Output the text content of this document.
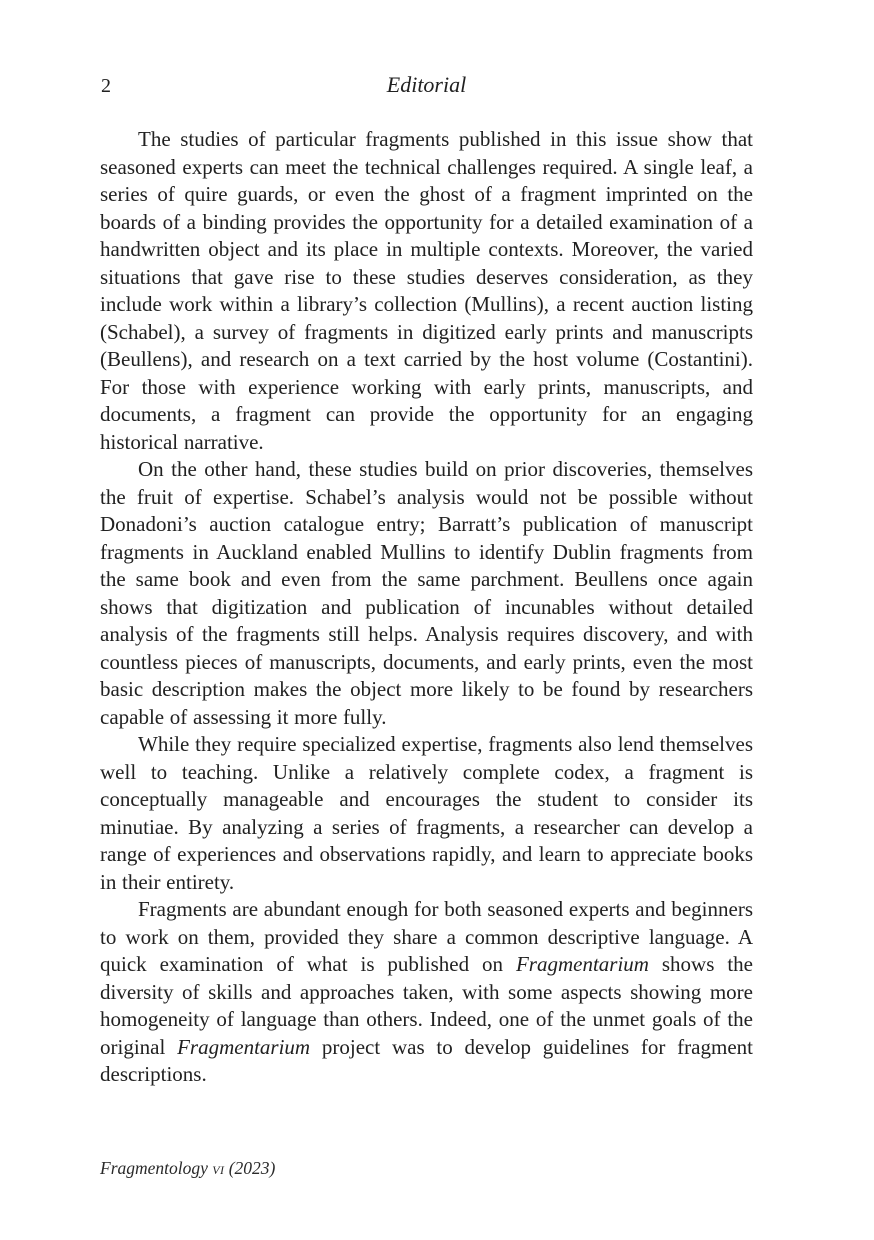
2	Editorial

The studies of particular fragments published in this issue show that seasoned experts can meet the technical challenges required. A single leaf, a series of quire guards, or even the ghost of a fragment imprinted on the boards of a binding provides the opportunity for a detailed examination of a handwritten object and its place in multiple contexts. Moreover, the varied situations that gave rise to these studies deserves consideration, as they include work within a library’s collection (Mullins), a recent auction listing (Schabel), a survey of fragments in digitized early prints and manuscripts (Beullens), and research on a text carried by the host volume (Costantini). For those with experience working with early prints, manuscripts, and documents, a fragment can provide the opportunity for an engaging historical narrative.

On the other hand, these studies build on prior discoveries, themselves the fruit of expertise. Schabel’s analysis would not be possible without Donadoni’s auction catalogue entry; Barratt’s publication of manuscript fragments in Auckland enabled Mullins to identify Dublin fragments from the same book and even from the same parchment. Beullens once again shows that digitization and publication of incunables without detailed analysis of the fragments still helps. Analysis requires discovery, and with countless pieces of manuscripts, documents, and early prints, even the most basic description makes the object more likely to be found by researchers capable of assessing it more fully.

While they require specialized expertise, fragments also lend themselves well to teaching. Unlike a relatively complete codex, a fragment is conceptually manageable and encourages the student to consider its minutiae. By analyzing a series of fragments, a researcher can develop a range of experiences and observations rapidly, and learn to appreciate books in their entirety.

Fragments are abundant enough for both seasoned experts and beginners to work on them, provided they share a common descriptive language. A quick examination of what is published on Fragmentarium shows the diversity of skills and approaches taken, with some aspects showing more homogeneity of language than others. Indeed, one of the unmet goals of the original Fragmentarium project was to develop guidelines for fragment descriptions.

Fragmentology vi (2023)
